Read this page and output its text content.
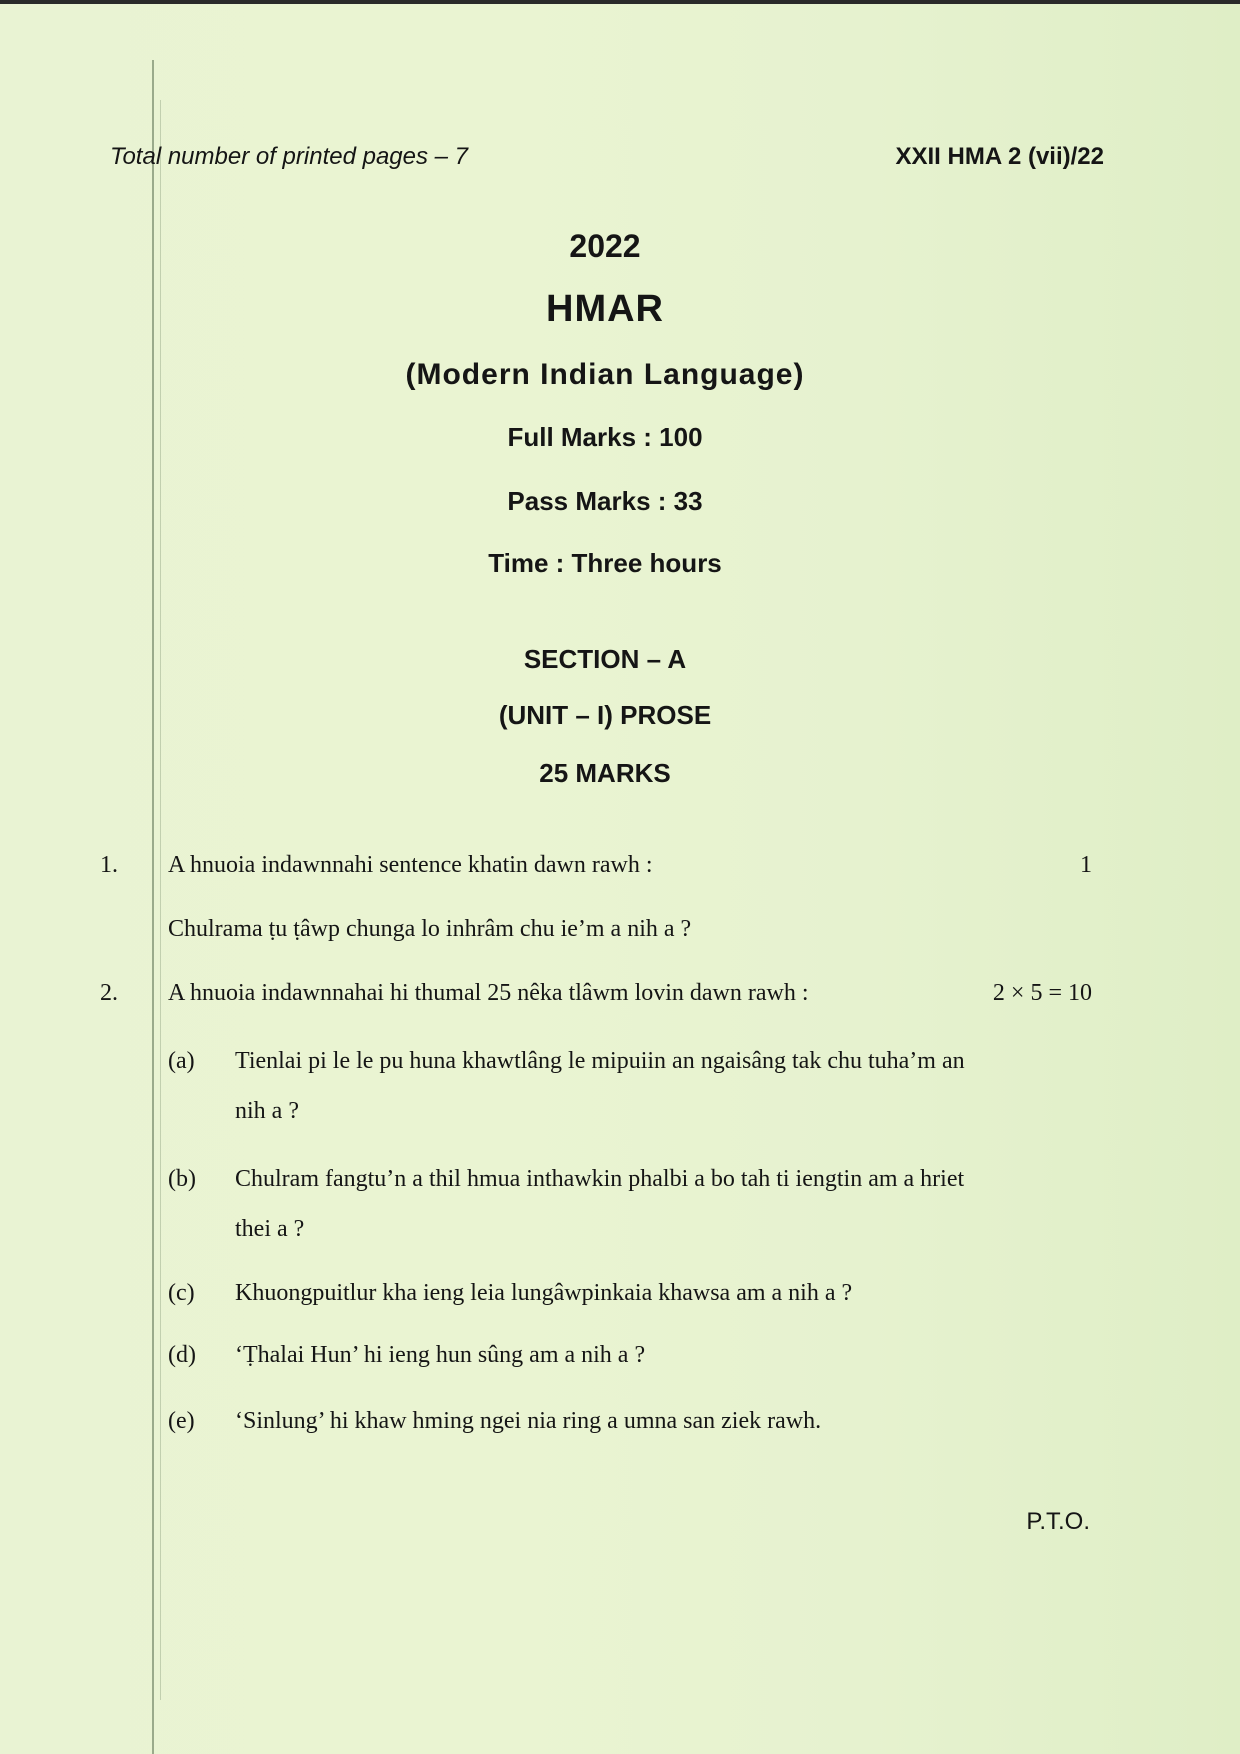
Total number of printed pages – 7	XXII HMA 2 (vii)/22
2022
HMAR
(Modern Indian Language)
Full Marks : 100
Pass Marks : 33
Time : Three hours
SECTION – A
(UNIT – I) PROSE
25 MARKS
1. A hnuoia indawnnahi sentence khatin dawn rawh :	1
Chulrama ṭu ṭâwp chunga lo inhrâm chu ie’m a nih a ?
2. A hnuoia indawnnahai hi thumal 25 nêka tlâwm lovin dawn rawh :	2 × 5 = 10
(a) Tienlai pi le le pu huna khawtlâng le mipuiin an ngaisâng tak chu tuha’m an
nih a ?
(b) Chulram fangtu’n a thil hmua inthawkin phalbi a bo tah ti iengtin am a hriet
thei a ?
(c) Khuongpuitlur kha ieng leia lungâwpinkaia khawsa am a nih a ?
(d) ‘Ṭhalai Hun’ hi ieng hun sûng am a nih a ?
(e) ‘Sinlung’ hi khaw hming ngei nia ring a umna san ziek rawh.
P.T.O.
